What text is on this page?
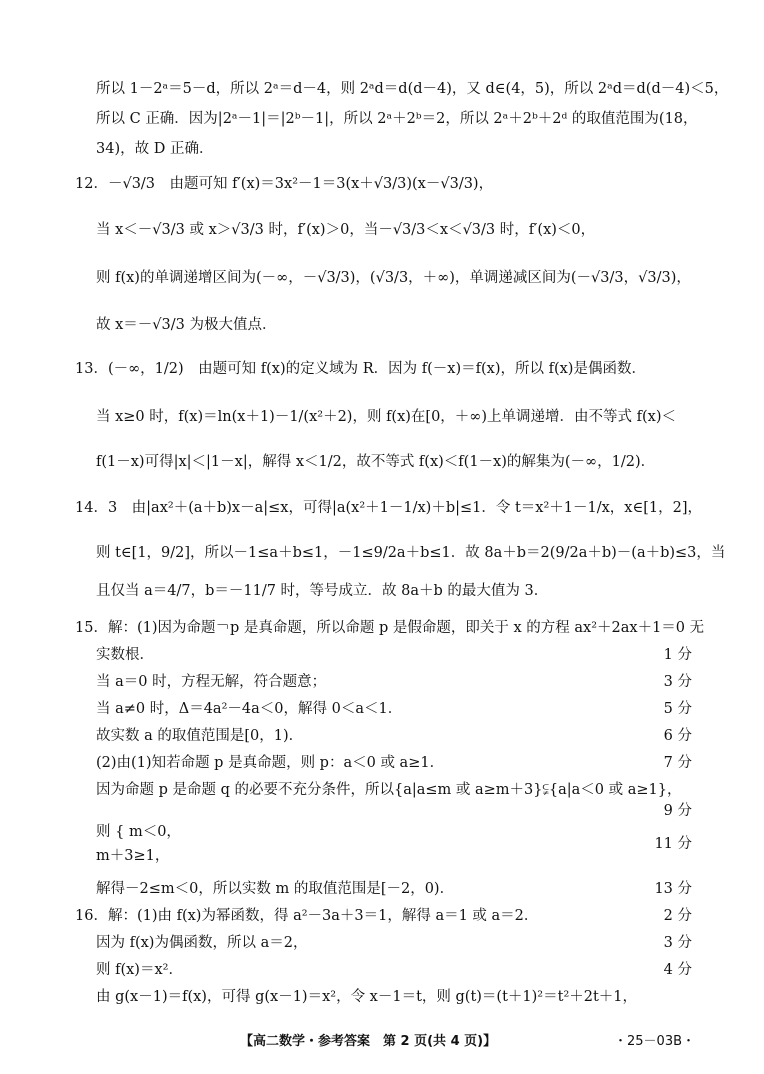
所以 1－2ᵃ＝5－d，所以 2ᵃ＝d－4，则 2ᵃd＝d(d－4)，又 d∈(4，5)，所以 2ᵃd＝d(d－4)＜5，
所以 C 正确．因为|2ᵃ－1|＝|2ᵇ－1|，所以 2ᵃ＋2ᵇ＝2，所以 2ᵃ＋2ᵇ＋2ᵈ 的取值范围为(18，
34)，故 D 正确．
12．－√3/3　由题可知 f′(x)＝3x²－1＝3(x＋√3/3)(x－√3/3)，
当 x＜－√3/3 或 x＞√3/3 时，f′(x)＞0，当－√3/3＜x＜√3/3 时，f′(x)＜0，
则 f(x)的单调递增区间为(－∞，－√3/3)，(√3/3，＋∞)，单调递减区间为(－√3/3，√3/3)，
故 x＝－√3/3 为极大值点．
13．(－∞，1/2)　由题可知 f(x)的定义域为 R．因为 f(－x)＝f(x)，所以 f(x)是偶函数．
当 x≥0 时，f(x)＝ln(x＋1)－1/(x²＋2)，则 f(x)在[0，＋∞)上单调递增．由不等式 f(x)＜
f(1－x)可得|x|＜|1－x|，解得 x＜1/2，故不等式 f(x)＜f(1－x)的解集为(－∞，1/2)．
14．3　由|ax²＋(a＋b)x－a|≤x，可得|a(x²＋1－1/x)＋b|≤1．令 t＝x²＋1－1/x，x∈[1，2]，
则 t∈[1，9/2]，所以－1≤a＋b≤1，－1≤9/2a＋b≤1．故 8a＋b＝2(9/2a＋b)－(a＋b)≤3，当
且仅当 a＝4/7，b＝－11/7 时，等号成立．故 8a＋b 的最大值为 3．
15．解：(1)因为命题￢p 是真命题，所以命题 p 是假命题，即关于 x 的方程 ax²＋2ax＋1＝0 无
实数根．
当 a＝0 时，方程无解，符合题意；
当 a≠0 时，Δ＝4a²－4a＜0，解得 0＜a＜1．
故实数 a 的取值范围是[0，1)．
(2)由(1)知若命题 p 是真命题，则 p：a＜0 或 a≥1．
因为命题 p 是命题 q 的必要不充分条件，所以{a|a≤m 或 a≥m＋3}⫋{a|a＜0 或 a≥1}，
则 { m＜0，
m＋3≥1，
解得－2≤m＜0，所以实数 m 的取值范围是[－2，0)．
16．解：(1)由 f(x)为幂函数，得 a²－3a＋3＝1，解得 a＝1 或 a＝2．
因为 f(x)为偶函数，所以 a＝2，
则 f(x)＝x²．
由 g(x－1)＝f(x)，可得 g(x－1)＝x²，令 x－1＝t，则 g(t)＝(t＋1)²＝t²＋2t＋1，
1 分
3 分
5 分
6 分
7 分
9 分
11 分
13 分
2 分
3 分
4 分
【高二数学・参考答案　第 2 页(共 4 页)】	・25－03B・
